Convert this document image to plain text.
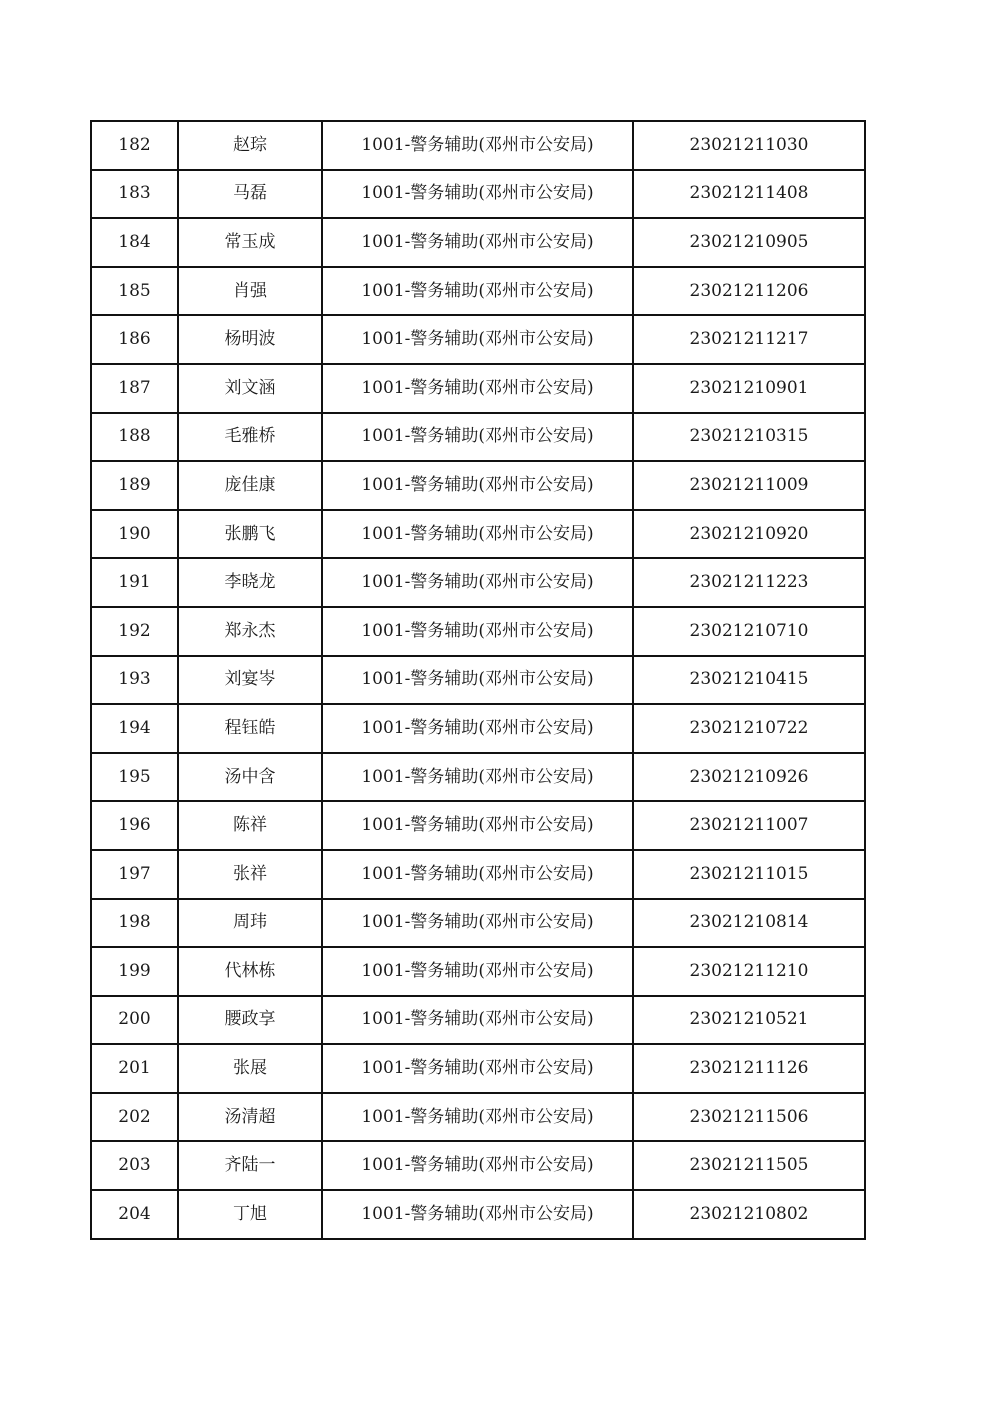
182	赵琮	1001-警务辅助(邓州市公安局)	23021211030
183	马磊	1001-警务辅助(邓州市公安局)	23021211408
184	常玉成	1001-警务辅助(邓州市公安局)	23021210905
185	肖强	1001-警务辅助(邓州市公安局)	23021211206
186	杨明波	1001-警务辅助(邓州市公安局)	23021211217
187	刘文涵	1001-警务辅助(邓州市公安局)	23021210901
188	毛雅桥	1001-警务辅助(邓州市公安局)	23021210315
189	庞佳康	1001-警务辅助(邓州市公安局)	23021211009
190	张鹏飞	1001-警务辅助(邓州市公安局)	23021210920
191	李晓龙	1001-警务辅助(邓州市公安局)	23021211223
192	郑永杰	1001-警务辅助(邓州市公安局)	23021210710
193	刘宴岑	1001-警务辅助(邓州市公安局)	23021210415
194	程钰皓	1001-警务辅助(邓州市公安局)	23021210722
195	汤中含	1001-警务辅助(邓州市公安局)	23021210926
196	陈祥	1001-警务辅助(邓州市公安局)	23021211007
197	张祥	1001-警务辅助(邓州市公安局)	23021211015
198	周玮	1001-警务辅助(邓州市公安局)	23021210814
199	代林栋	1001-警务辅助(邓州市公安局)	23021211210
200	腰政享	1001-警务辅助(邓州市公安局)	23021210521
201	张展	1001-警务辅助(邓州市公安局)	23021211126
202	汤清超	1001-警务辅助(邓州市公安局)	23021211506
203	齐陆一	1001-警务辅助(邓州市公安局)	23021211505
204	丁旭	1001-警务辅助(邓州市公安局)	23021210802
